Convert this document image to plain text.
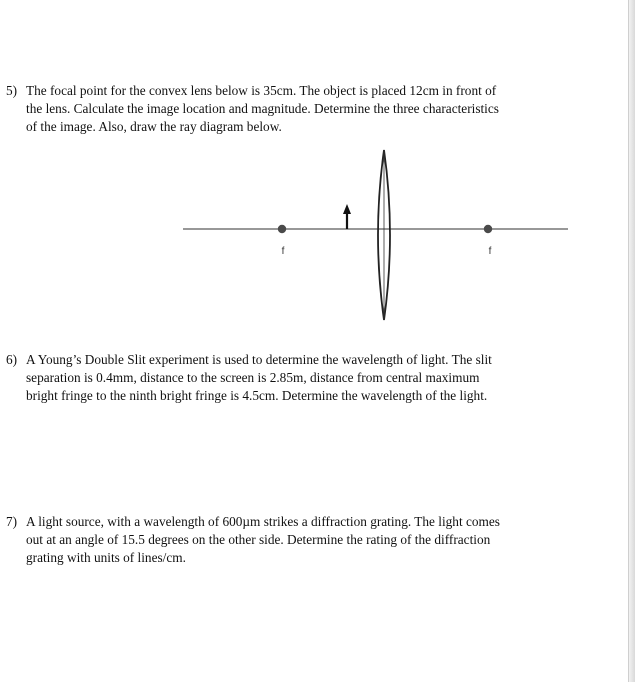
5) The focal point for the convex lens below is 35cm. The object is placed 12cm in front of
the lens. Calculate the image location and magnitude. Determine the three characteristics
of the image. Also, draw the ray diagram below.
f	f
6) A Young’s Double Slit experiment is used to determine the wavelength of light. The slit
separation is 0.4mm, distance to the screen is 2.85m, distance from central maximum
bright fringe to the ninth bright fringe is 4.5cm. Determine the wavelength of the light.
7) A light source, with a wavelength of 600µm strikes a diffraction grating. The light comes
out at an angle of 15.5 degrees on the other side. Determine the rating of the diffraction
grating with units of lines/cm.
